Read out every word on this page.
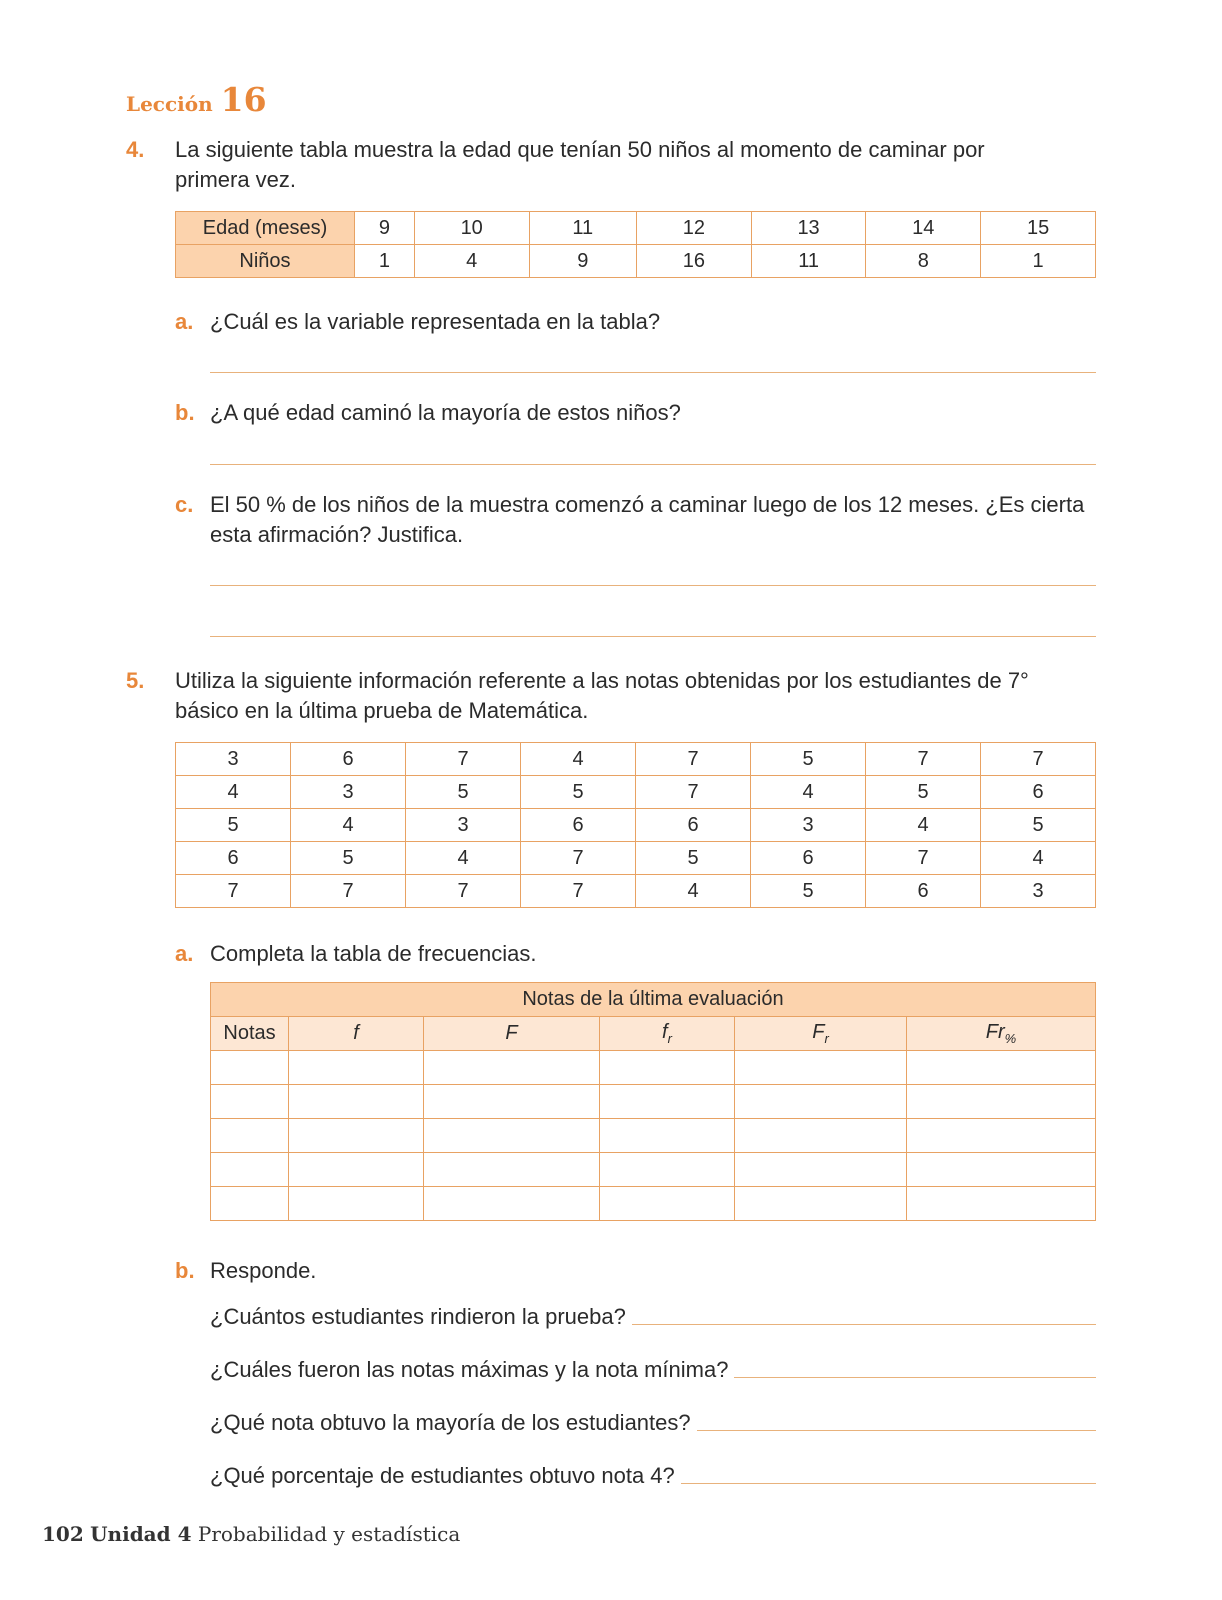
Lección 16
4. La siguiente tabla muestra la edad que tenían 50 niños al momento de caminar por
primera vez.
Edad (meses)	9	10	11	12	13	14	15
Niños	1	4	9	16	11	8	1
a. ¿Cuál es la variable representada en la tabla?
b. ¿A qué edad caminó la mayoría de estos niños?
c. El 50 % de los niños de la muestra comenzó a caminar luego de los 12 meses. ¿Es cierta
esta afirmación? Justifica.
5. Utiliza la siguiente información referente a las notas obtenidas por los estudiantes de 7°
básico en la última prueba de Matemática.
3	6	7	4	7	5	7	7
4	3	5	5	7	4	5	6
5	4	3	6	6	3	4	5
6	5	4	7	5	6	7	4
7	7	7	7	4	5	6	3
a. Completa la tabla de frecuencias.
Notas de la última evaluación					
Notas	f	F	$f_r$	$F_r$	$Fr_{\%}$

b. Responde.
¿Cuántos estudiantes rindieron la prueba?
¿Cuáles fueron las notas máximas y la nota mínima?
¿Qué nota obtuvo la mayoría de los estudiantes?
¿Qué porcentaje de estudiantes obtuvo nota 4?
102 Unidad 4 Probabilidad y estadística
